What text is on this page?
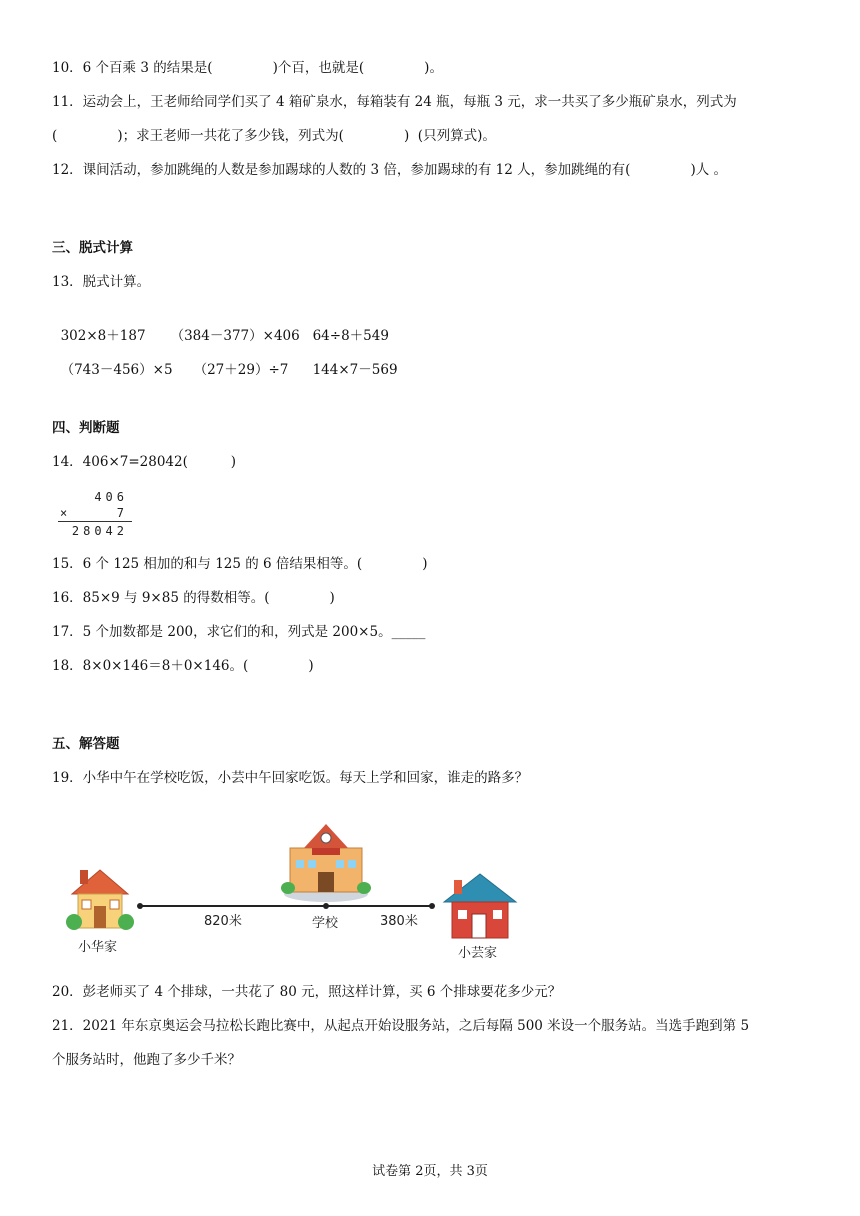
10．6 个百乘 3 的结果是(              )个百，也就是(              )。
11．运动会上，王老师给同学们买了 4 箱矿泉水，每箱装有 24 瓶，每瓶 3 元，求一共买了多少瓶矿泉水，列式为
(              )；求王老师一共花了多少钱，列式为(              )  (只列算式)。
12．课间活动，参加跳绳的人数是参加踢球的人数的 3 倍，参加踢球的有 12 人，参加跳绳的有(              )人 。
三、脱式计算
13．脱式计算。

302×8＋187 （384－377）×406 64÷8＋549

（743－456）×5 （27＋29）÷7 144×7－569

四、判断题
14．406×7=28042(          )
406
×	7
28042
15．6 个 125 相加的和与 125 的 6 倍结果相等。(              )
16．85×9 与 9×85 的得数相等。(              )
17．5 个加数都是 200，求它们的和，列式是 200×5。_____
18．8×0×146＝8＋0×146。(              )
五、解答题
19．小华中午在学校吃饭，小芸中午回家吃饭。每天上学和回家，谁走的路多？
小华家
820米	学校	380米
小芸家
20．彭老师买了 4 个排球，一共花了 80 元，照这样计算，买 6 个排球要花多少元？
21．2021 年东京奥运会马拉松长跑比赛中，从起点开始设服务站，之后每隔 500 米设一个服务站。当选手跑到第 5
个服务站时，他跑了多少千米？
试卷第 2页，共 3页
